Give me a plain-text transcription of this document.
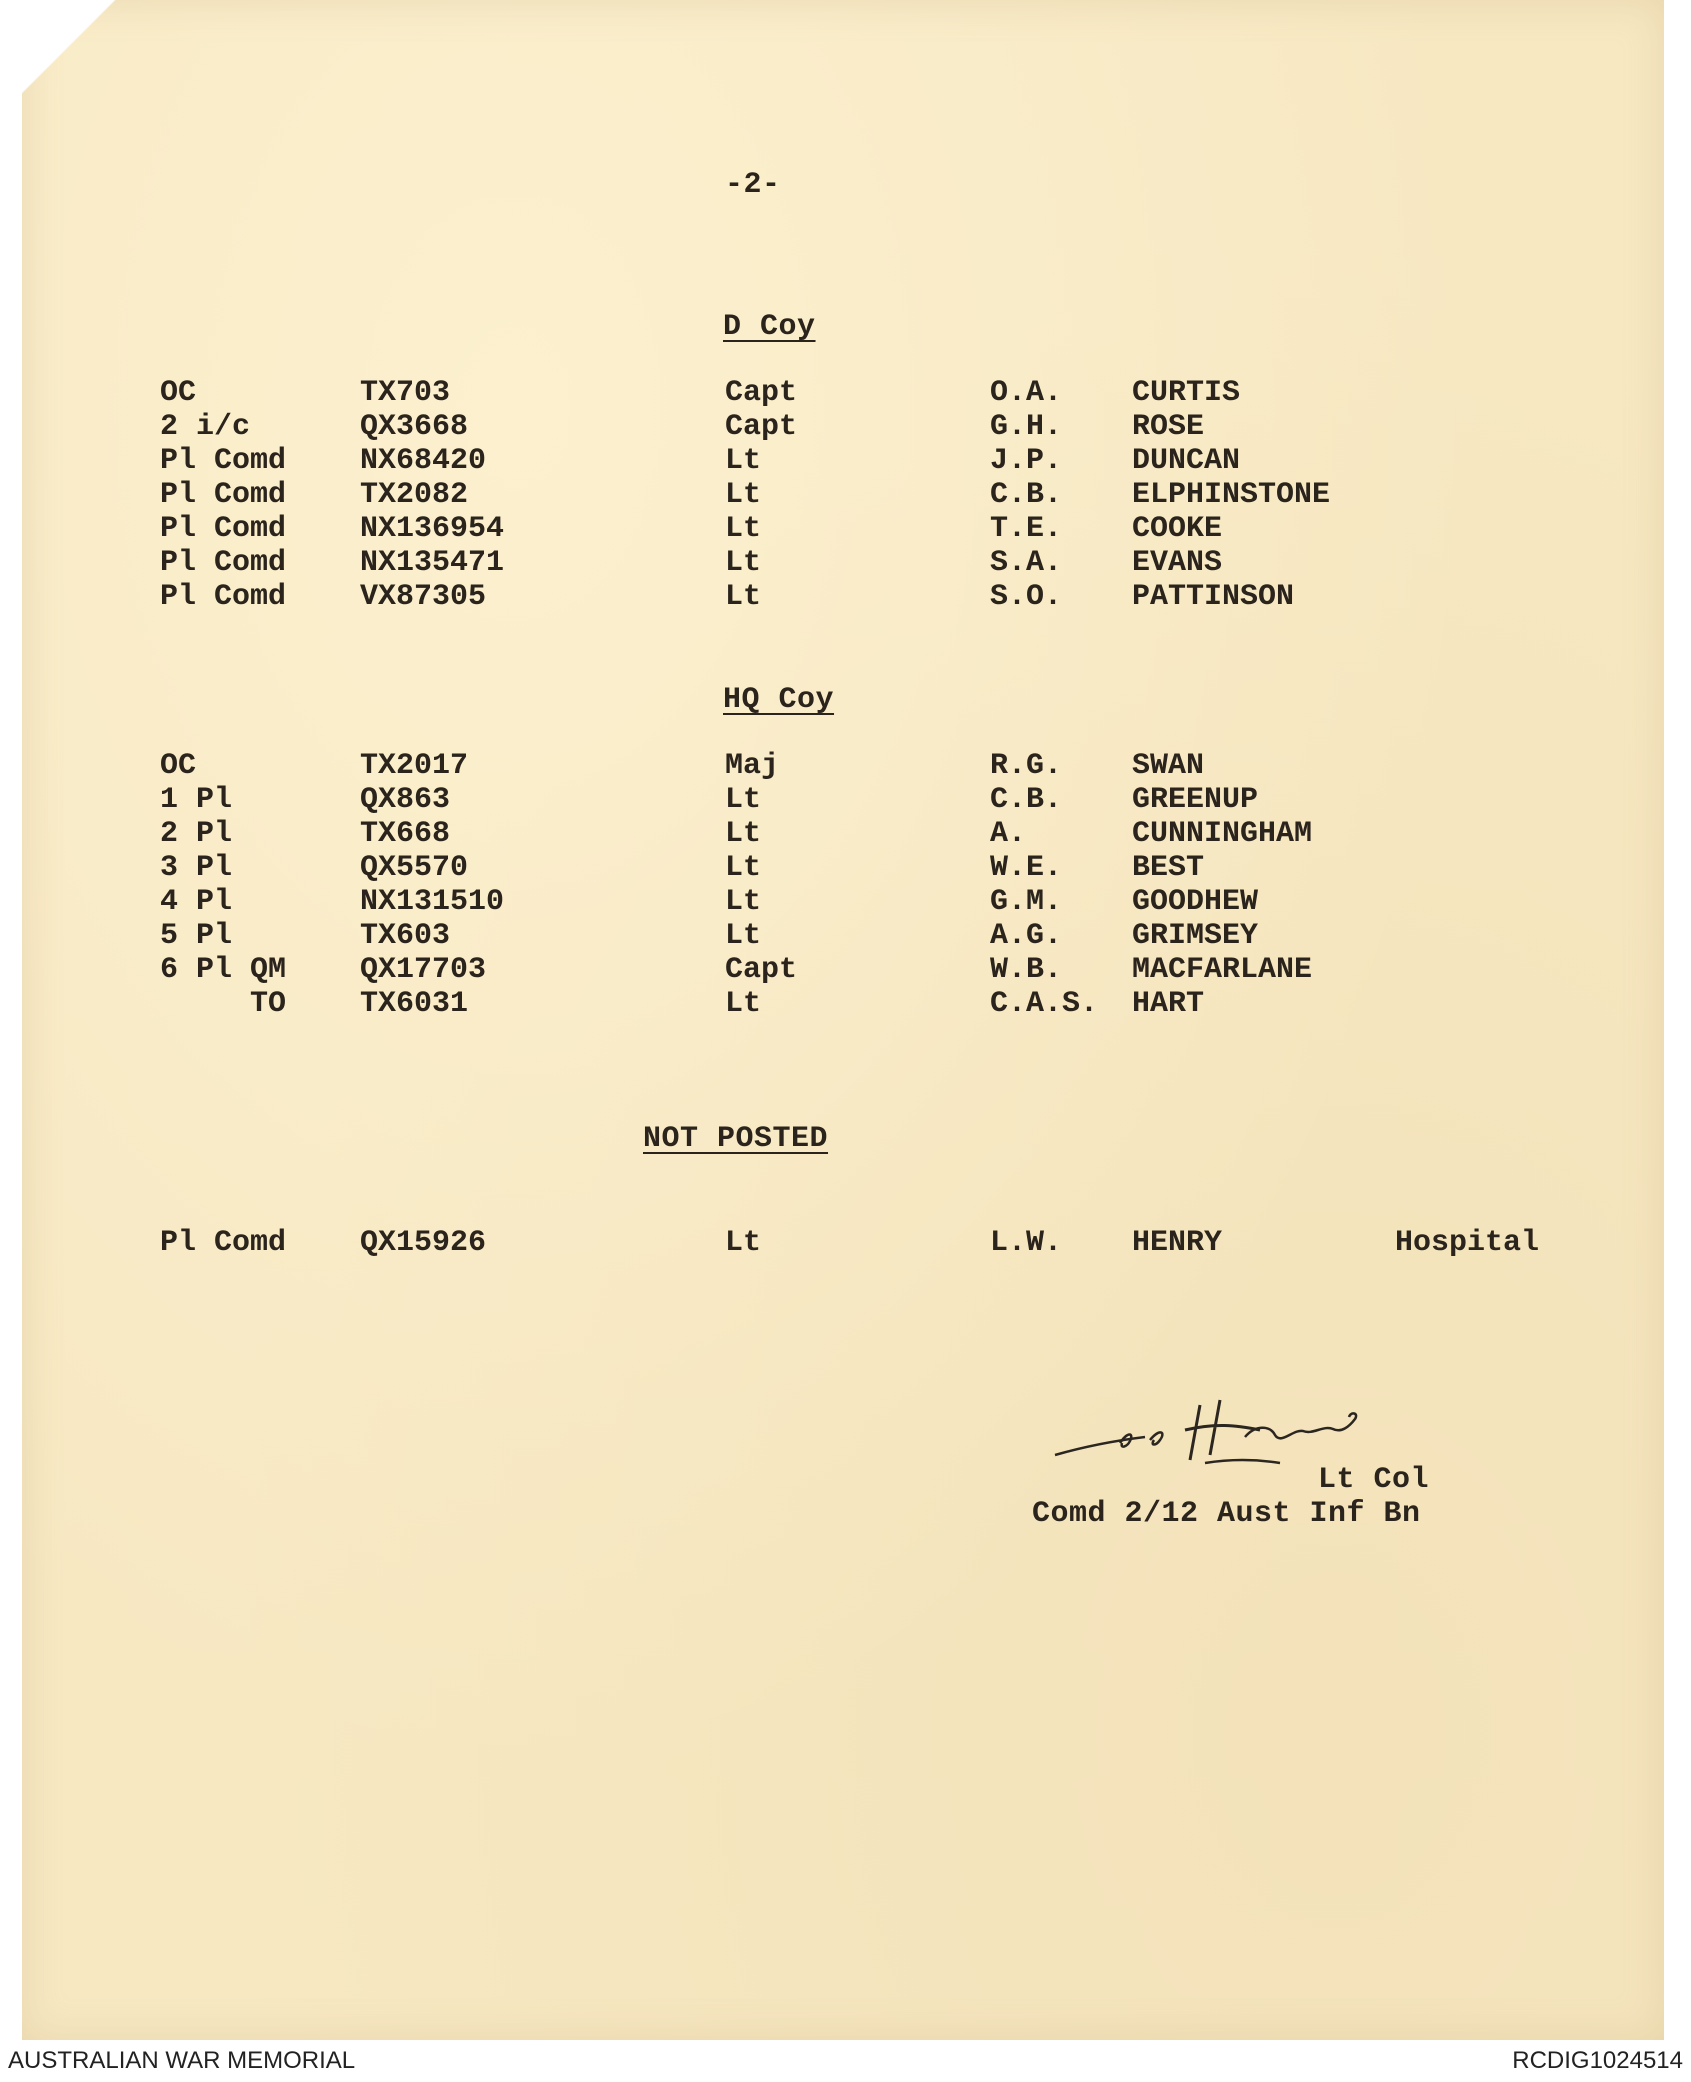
-2-
D Coy
OC	TX703	Capt	O.A. CURTIS
2 i/c	QX3668	Capt	G.H. ROSE
Pl Comd NX68420	Lt	J.P. DUNCAN
Pl Comd TX2082	Lt	C.B. ELPHINSTONE
Pl Comd NX136954	Lt	T.E. COOKE
Pl Comd NX135471	Lt	S.A. EVANS
Pl Comd VX87305	Lt	S.O. PATTINSON
HQ Coy
OC	TX2017	Maj	R.G. SWAN
1 Pl	QX863	Lt	C.B. GREENUP
2 Pl	TX668	Lt	A.	CUNNINGHAM
3 Pl	QX5570	Lt	W.E. BEST
4 Pl	NX131510	Lt	G.M. GOODHEW
5 Pl	TX603	Lt	A.G. GRIMSEY
6 Pl QM QX17703	Capt	W.B. MACFARLANE
TO TX6031	Lt	C.A.S. HART
NOT POSTED
Pl Comd QX15926	Lt	L.W. HENRY	Hospital
Lt Col
Comd 2/12 Aust Inf Bn
AUSTRALIAN WAR MEMORIAL	RCDIG1024514
